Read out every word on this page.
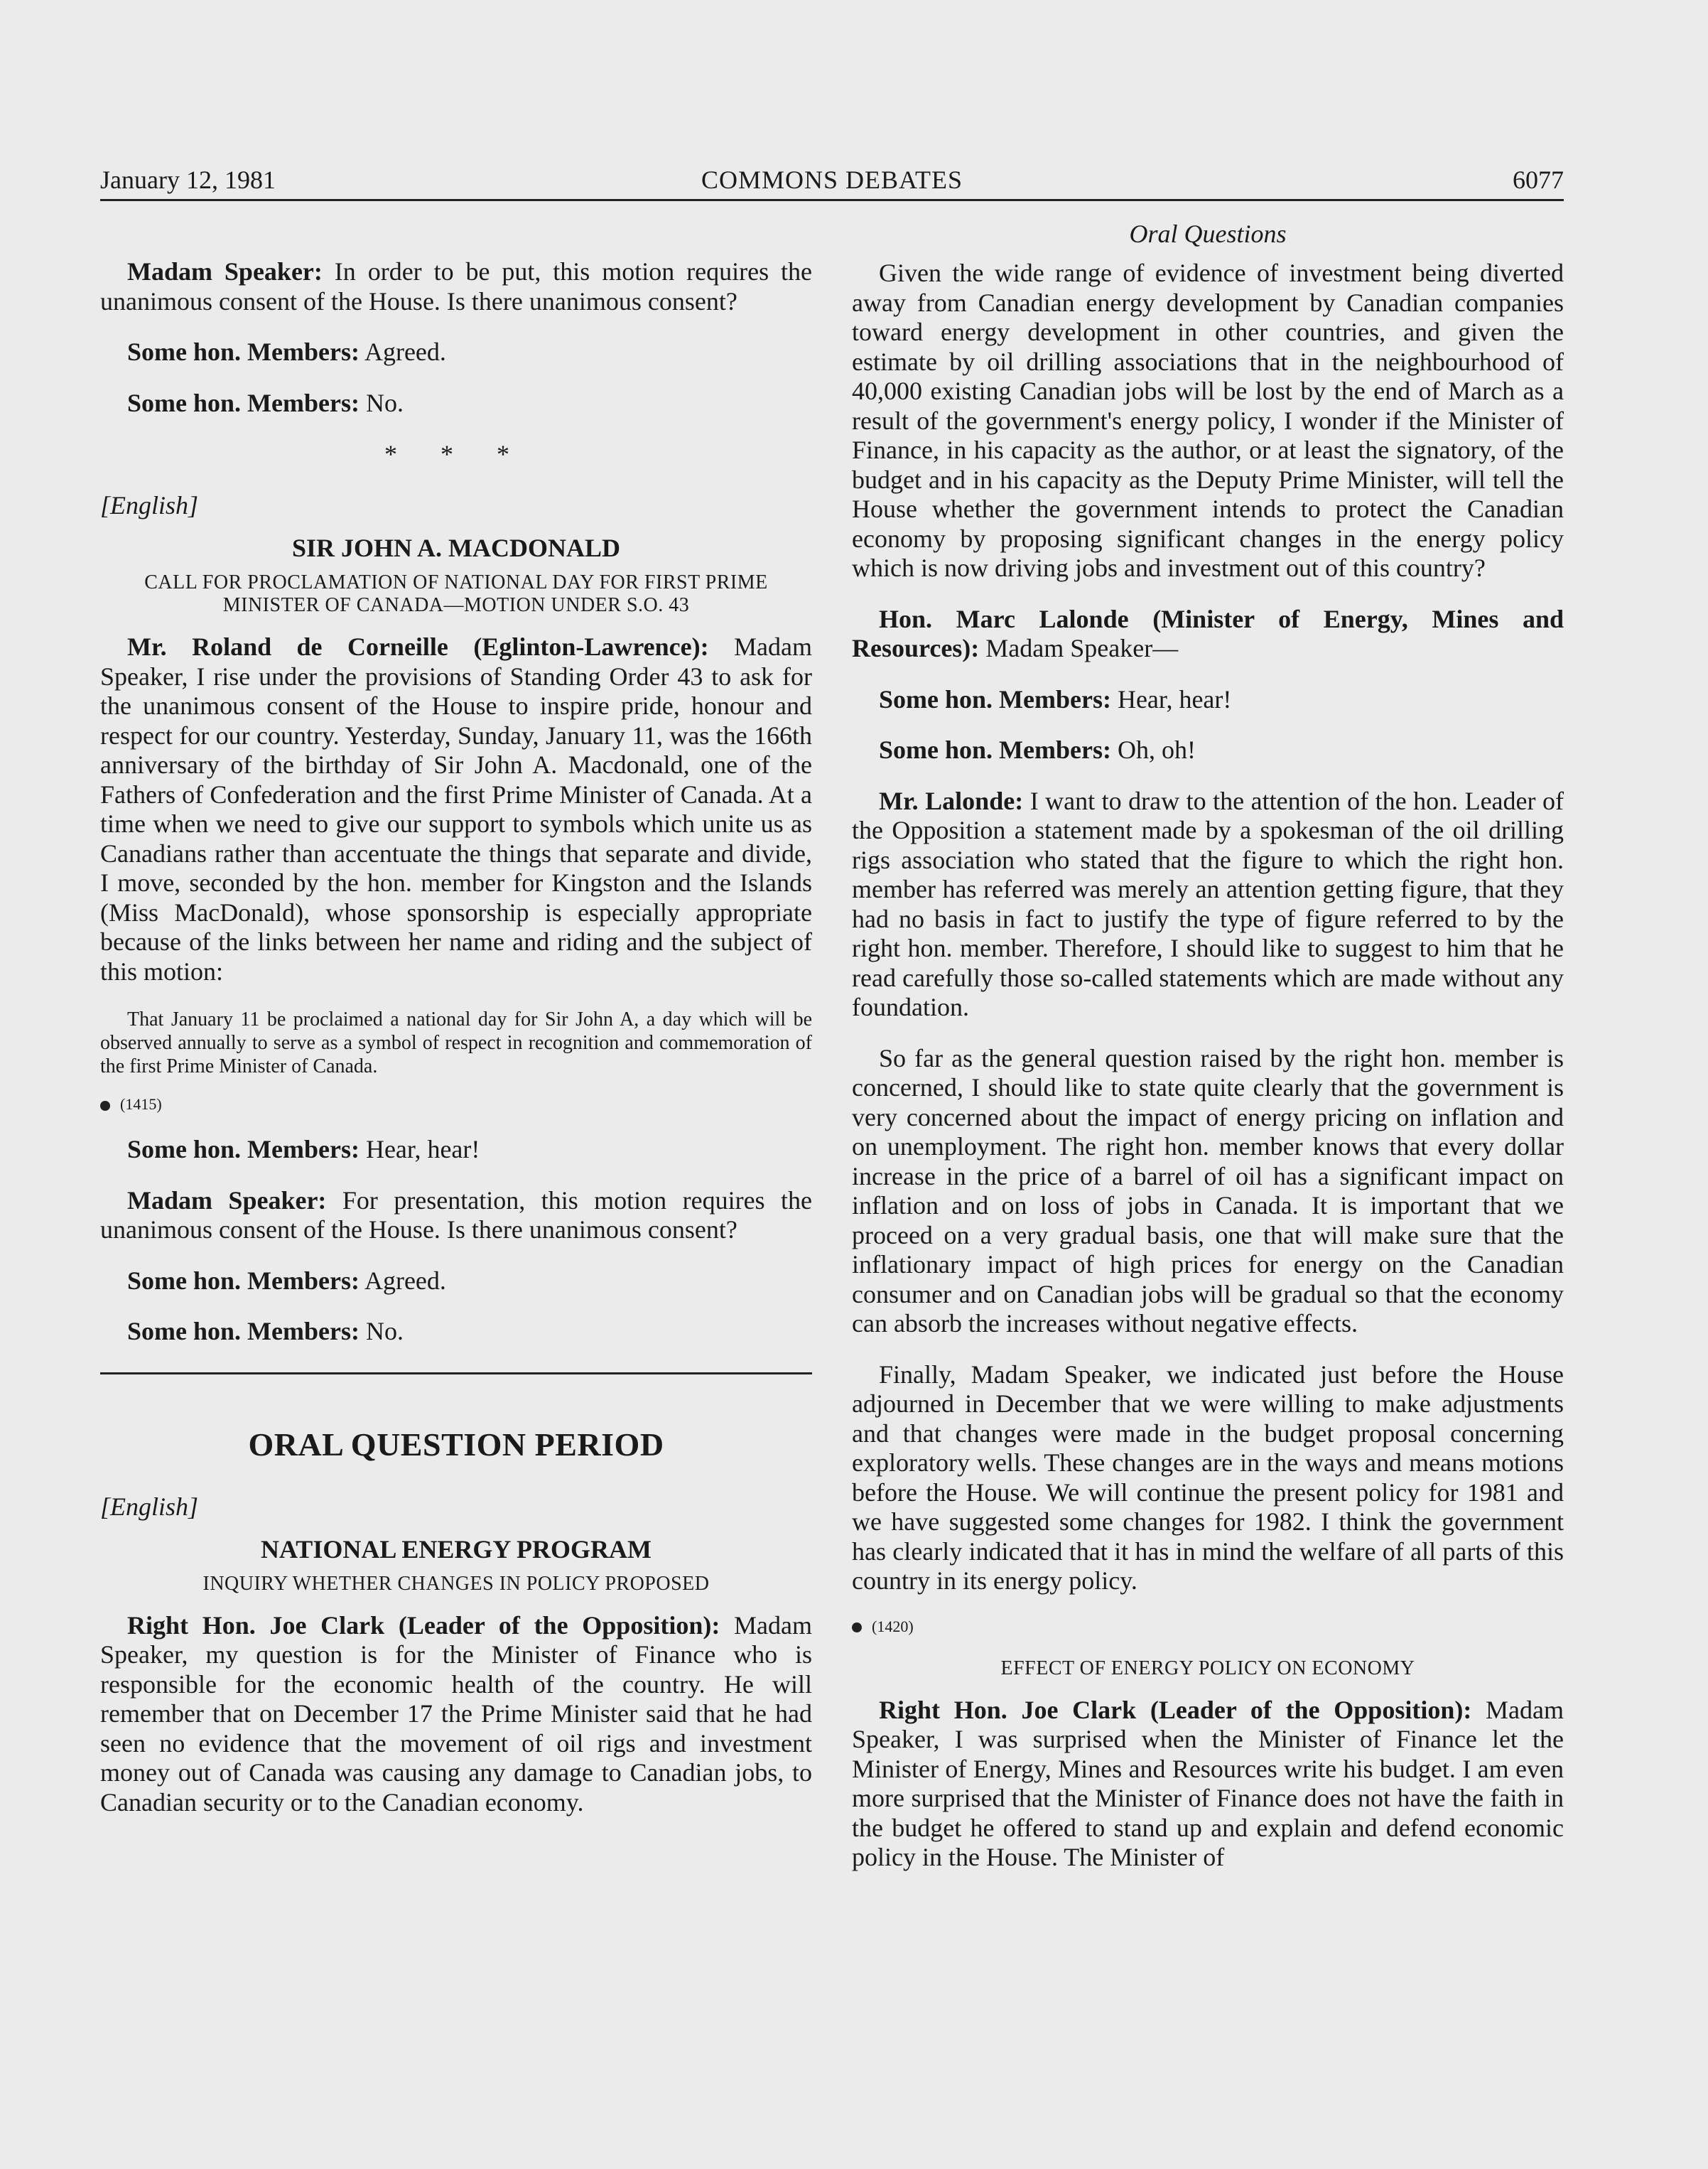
January 12, 1981	COMMONS DEBATES	6077

Madam Speaker: In order to be put, this motion requires the unanimous consent of the House. Is there unanimous consent?

Some hon. Members: Agreed.

Some hon. Members: No.

* * *
[English]
SIR JOHN A. MACDONALD
CALL FOR PROCLAMATION OF NATIONAL DAY FOR FIRST PRIME MINISTER OF CANADA—MOTION UNDER S.O. 43

Mr. Roland de Corneille (Eglinton-Lawrence): Madam Speaker, I rise under the provisions of Standing Order 43 to ask for the unanimous consent of the House to inspire pride, honour and respect for our country. Yesterday, Sunday, January 11, was the 166th anniversary of the birthday of Sir John A. Macdonald, one of the Fathers of Confederation and the first Prime Minister of Canada. At a time when we need to give our support to symbols which unite us as Canadians rather than accentuate the things that separate and divide, I move, seconded by the hon. member for Kingston and the Islands (Miss MacDonald), whose sponsorship is especially appropriate because of the links between her name and riding and the subject of this motion:

That January 11 be proclaimed a national day for Sir John A, a day which will be observed annually to serve as a symbol of respect in recognition and commemoration of the first Prime Minister of Canada.
(1415)

Some hon. Members: Hear, hear!

Madam Speaker: For presentation, this motion requires the unanimous consent of the House. Is there unanimous consent?

Some hon. Members: Agreed.

Some hon. Members: No.

ORAL QUESTION PERIOD
[English]
NATIONAL ENERGY PROGRAM
INQUIRY WHETHER CHANGES IN POLICY PROPOSED

Right Hon. Joe Clark (Leader of the Opposition): Madam Speaker, my question is for the Minister of Finance who is responsible for the economic health of the country. He will remember that on December 17 the Prime Minister said that he had seen no evidence that the movement of oil rigs and investment money out of Canada was causing any damage to Canadian jobs, to Canadian security or to the Canadian economy.

Oral Questions

Given the wide range of evidence of investment being diverted away from Canadian energy development by Canadian companies toward energy development in other countries, and given the estimate by oil drilling associations that in the neighbourhood of 40,000 existing Canadian jobs will be lost by the end of March as a result of the government's energy policy, I wonder if the Minister of Finance, in his capacity as the author, or at least the signatory, of the budget and in his capacity as the Deputy Prime Minister, will tell the House whether the government intends to protect the Canadian economy by proposing significant changes in the energy policy which is now driving jobs and investment out of this country?

Hon. Marc Lalonde (Minister of Energy, Mines and Resources): Madam Speaker—

Some hon. Members: Hear, hear!

Some hon. Members: Oh, oh!

Mr. Lalonde: I want to draw to the attention of the hon. Leader of the Opposition a statement made by a spokesman of the oil drilling rigs association who stated that the figure to which the right hon. member has referred was merely an attention getting figure, that they had no basis in fact to justify the type of figure referred to by the right hon. member. Therefore, I should like to suggest to him that he read carefully those so-called statements which are made without any foundation.

So far as the general question raised by the right hon. member is concerned, I should like to state quite clearly that the government is very concerned about the impact of energy pricing on inflation and on unemployment. The right hon. member knows that every dollar increase in the price of a barrel of oil has a significant impact on inflation and on loss of jobs in Canada. It is important that we proceed on a very gradual basis, one that will make sure that the inflationary impact of high prices for energy on the Canadian consumer and on Canadian jobs will be gradual so that the economy can absorb the increases without negative effects.

Finally, Madam Speaker, we indicated just before the House adjourned in December that we were willing to make adjustments and that changes were made in the budget proposal concerning exploratory wells. These changes are in the ways and means motions before the House. We will continue the present policy for 1981 and we have suggested some changes for 1982. I think the government has clearly indicated that it has in mind the welfare of all parts of this country in its energy policy.

(1420)
EFFECT OF ENERGY POLICY ON ECONOMY

Right Hon. Joe Clark (Leader of the Opposition): Madam Speaker, I was surprised when the Minister of Finance let the Minister of Energy, Mines and Resources write his budget. I am even more surprised that the Minister of Finance does not have the faith in the budget he offered to stand up and explain and defend economic policy in the House. The Minister of
